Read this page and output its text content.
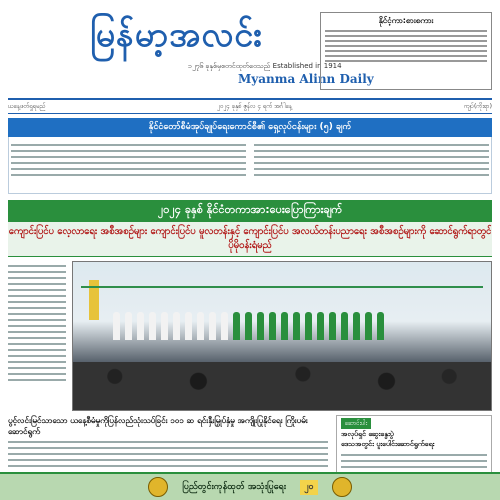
မြန်မာ့အလင်း
၁၂၇၆ ခုနှစ်မှစတင်ထုတ်ဝေသည် Established in 1914
Myanma Alinn Daily
နိုင်ငံ့ကာ:စားစကား
ယနေ့ဖတ်ရှုရမည်	၂၀၂၄ ခုနှစ် ဇွန်လ ၄ ရက် အင်္ဂါနေ့	ကျပ်(ကိုးရာ)
နိုင်ငံတော်စီမံအုပ်ချုပ်ရေးကောင်စီ၏ ရှေ့လုပ်ငန်းများ (၅) ချက်
၂၀၂၄ ခုနှစ် နိုင်ငံတကာအာ:ပေးပြောကြားချက်
ကျောင်းပြင်ပ လေ့လာရေး အစီအစဉ်များ ကျောင်းပြင်ပ မူလတန်းနှင့် ကျောင်းပြင်ပ အလယ်တန်းပညာရေး အစီအစဉ်များကို ဆောင်ရွက်ရာတွင် ပိုမိုဝန်းရံမည်
ပွင့်လင်းမြင်သာသော ယနေ့စီမံမှုကိုပြန်လည်သုံးသပ်ခြင်း ၁၀၁ ဆ ရင်းနှီးမြှုပ်နှံမှု အကျိုးပြုနိုင်ရေး ကြိုးပမ်းဆောင်ရွက်
ဆောင်းပါး
အလုပ်ရှင် ဆွေးနွေးပွဲ
ဒေသအတွင်း ပူးပေါင်းဆောင်ရွက်ရေး
ပြည်တွင်းကုန်ထုတ် အသုံးပြုရေး	၂၀
